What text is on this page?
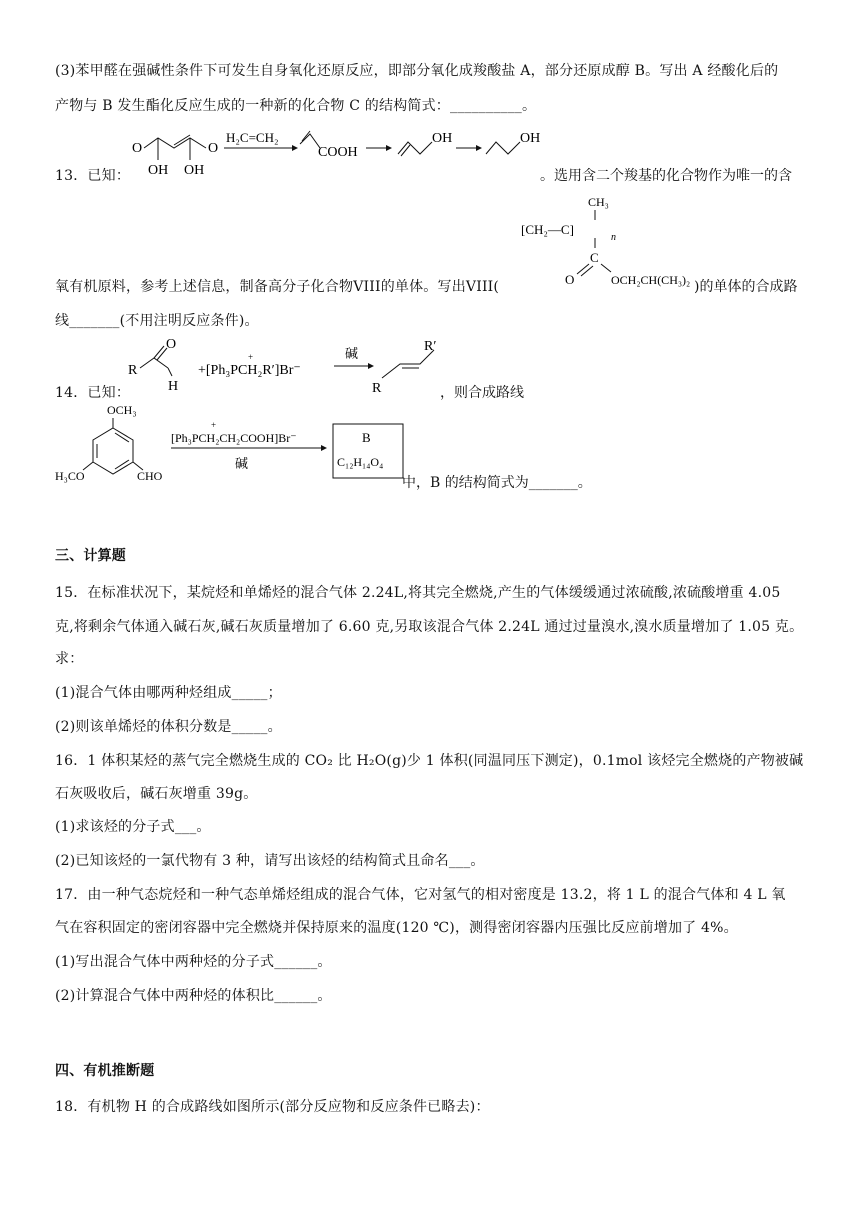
(3)苯甲醛在强碱性条件下可发生自身氧化还原反应，即部分氧化成羧酸盐 A，部分还原成醇 B。写出 A 经酸化后的
产物与 B 发生酯化反应生成的一种新的化合物 C 的结构简式：__________。
13．已知：
O	O
OH OH
H₂C=CH₂
COOH
OH	OH
。选用含二个羧基的化合物作为唯一的含
CH₃
[CH₂—C]
n
C
O	OCH₂CH(CH₃)₂
氧有机原料，参考上述信息，制备高分子化合物VIII的单体。写出VIII(	)的单体的合成路
线_______(不用注明反应条件)。
14．已知：
R
O
H
+[Ph₃PCH₂R′]Br⁻
+	碱	R′
R	，则合成路线
OCH₃
H₃CO	CHO
[Ph₃PCH₂CH₂COOH]Br⁻
+
碱
B
C₁₂H₁₄O₄
中，B 的结构简式为_______。
三、计算题
15．在标准状况下，某烷烃和单烯烃的混合气体 2.24L,将其完全燃烧,产生的气体缓缓通过浓硫酸,浓硫酸增重 4.05
克,将剩余气体通入碱石灰,碱石灰质量增加了 6.60 克,另取该混合气体 2.24L 通过过量溴水,溴水质量增加了 1.05 克。
求：
(1)混合气体由哪两种烃组成_____；
(2)则该单烯烃的体积分数是_____。
16．1 体积某烃的蒸气完全燃烧生成的 CO₂ 比 H₂O(g)少 1 体积(同温同压下测定)，0.1mol 该烃完全燃烧的产物被碱
石灰吸收后，碱石灰增重 39g。
(1)求该烃的分子式___。
(2)已知该烃的一氯代物有 3 种，请写出该烃的结构简式且命名___。
17．由一种气态烷烃和一种气态单烯烃组成的混合气体，它对氢气的相对密度是 13.2，将 1 L 的混合气体和 4 L 氧
气在容积固定的密闭容器中完全燃烧并保持原来的温度(120 ℃)，测得密闭容器内压强比反应前增加了 4%。
(1)写出混合气体中两种烃的分子式______。
(2)计算混合气体中两种烃的体积比______。
四、有机推断题
18．有机物 H 的合成路线如图所示(部分反应物和反应条件已略去)：
